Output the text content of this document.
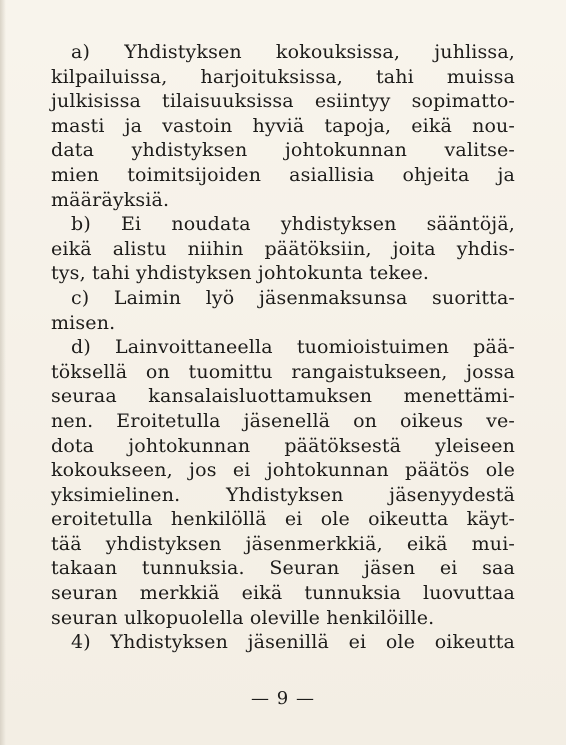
a) Yhdistyksen kokouksissa, juhlissa,
kilpailuissa, harjoituksissa, tahi muissa
julkisissa tilaisuuksissa esiintyy sopimatto-
masti ja vastoin hyviä tapoja, eikä nou-
data yhdistyksen johtokunnan valitse-
mien toimitsijoiden asiallisia ohjeita ja
määräyksiä.
b) Ei noudata yhdistyksen sääntöjä,
eikä alistu niihin päätöksiin, joita yhdis-
tys, tahi yhdistyksen johtokunta tekee.
c) Laimin lyö jäsenmaksunsa suoritta-
misen.
d) Lainvoittaneella tuomioistuimen pää-
töksellä on tuomittu rangaistukseen, jossa
seuraa kansalaisluottamuksen menettämi-
nen. Eroitetulla jäsenellä on oikeus ve-
dota johtokunnan päätöksestä yleiseen
kokoukseen, jos ei johtokunnan päätös ole
yksimielinen. Yhdistyksen jäsenyydestä
eroitetulla henkilöllä ei ole oikeutta käyt-
tää yhdistyksen jäsenmerkkiä, eikä mui-
takaan tunnuksia. Seuran jäsen ei saa
seuran merkkiä eikä tunnuksia luovuttaa
seuran ulkopuolella oleville henkilöille.
4) Yhdistyksen jäsenillä ei ole oikeutta
— 9 —
